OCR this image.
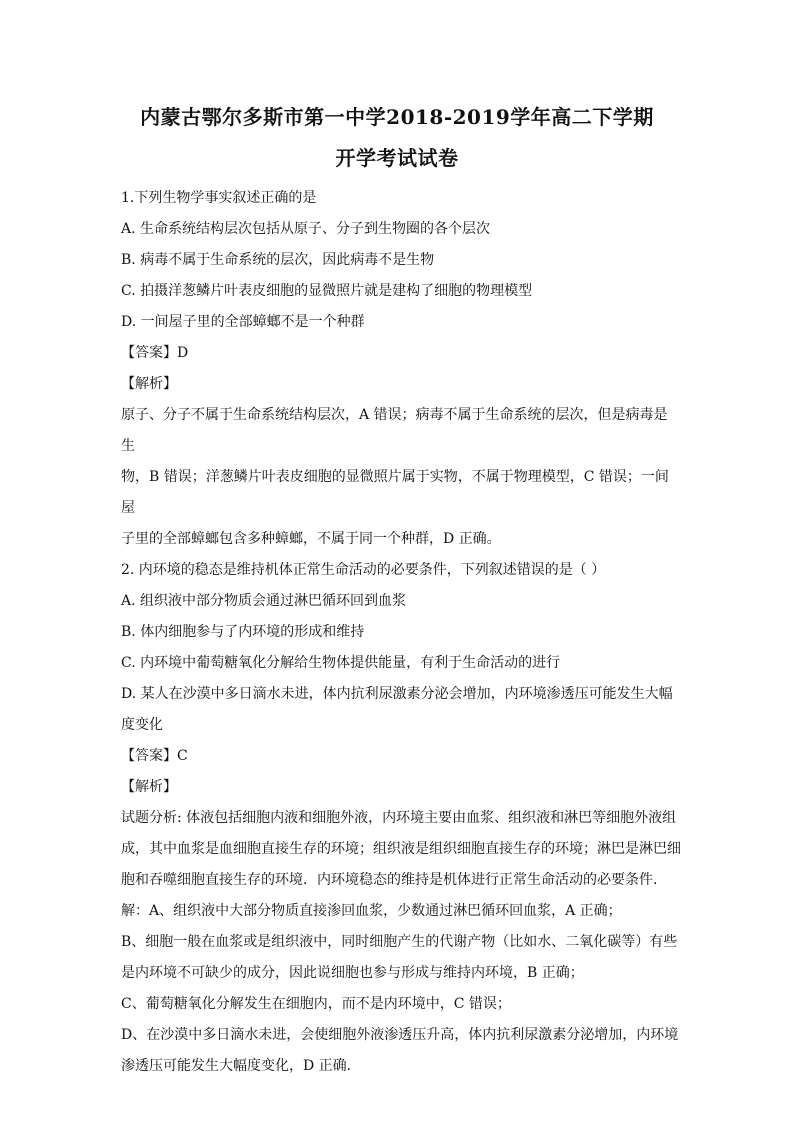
内蒙古鄂尔多斯市第一中学2018-2019学年高二下学期
开学考试试卷

1.下列生物学事实叙述正确的是

A. 生命系统结构层次包括从原子、分子到生物圈的各个层次

B. 病毒不属于生命系统的层次，因此病毒不是生物

C. 拍摄洋葱鳞片叶表皮细胞的显微照片就是建构了细胞的物理模型

D. 一间屋子里的全部蟑螂不是一个种群

【答案】D

【解析】

原子、分子不属于生命系统结构层次，A 错误；病毒不属于生命系统的层次，但是病毒是生

物，B 错误；洋葱鳞片叶表皮细胞的显微照片属于实物，不属于物理模型，C 错误；一间屋

子里的全部蟑螂包含多种蟑螂，不属于同一个种群，D 正确。

2. 内环境的稳态是维持机体正常生命活动的必要条件，下列叙述错误的是（ ）

A. 组织液中部分物质会通过淋巴循环回到血浆

B. 体内细胞参与了内环境的形成和维持

C. 内环境中葡萄糖氧化分解给生物体提供能量，有利于生命活动的进行

D. 某人在沙漠中多日滴水未进，体内抗利尿激素分泌会增加，内环境渗透压可能发生大幅

度变化

【答案】C

【解析】

试题分析: 体液包括细胞内液和细胞外液，内环境主要由血浆、组织液和淋巴等细胞外液组

成，其中血浆是血细胞直接生存的环境；组织液是组织细胞直接生存的环境；淋巴是淋巴细

胞和吞噬细胞直接生存的环境．内环境稳态的维持是机体进行正常生命活动的必要条件．

解：A、组织液中大部分物质直接渗回血浆，少数通过淋巴循环回血浆，A 正确；

B、细胞一般在血浆或是组织液中，同时细胞产生的代谢产物（比如水、二氧化碳等）有些

是内环境不可缺少的成分，因此说细胞也参与形成与维持内环境，B 正确；

C、葡萄糖氧化分解发生在细胞内，而不是内环境中，C 错误；

D、在沙漠中多日滴水未进，会使细胞外液渗透压升高，体内抗利尿激素分泌增加，内环境

渗透压可能发生大幅度变化，D 正确．
